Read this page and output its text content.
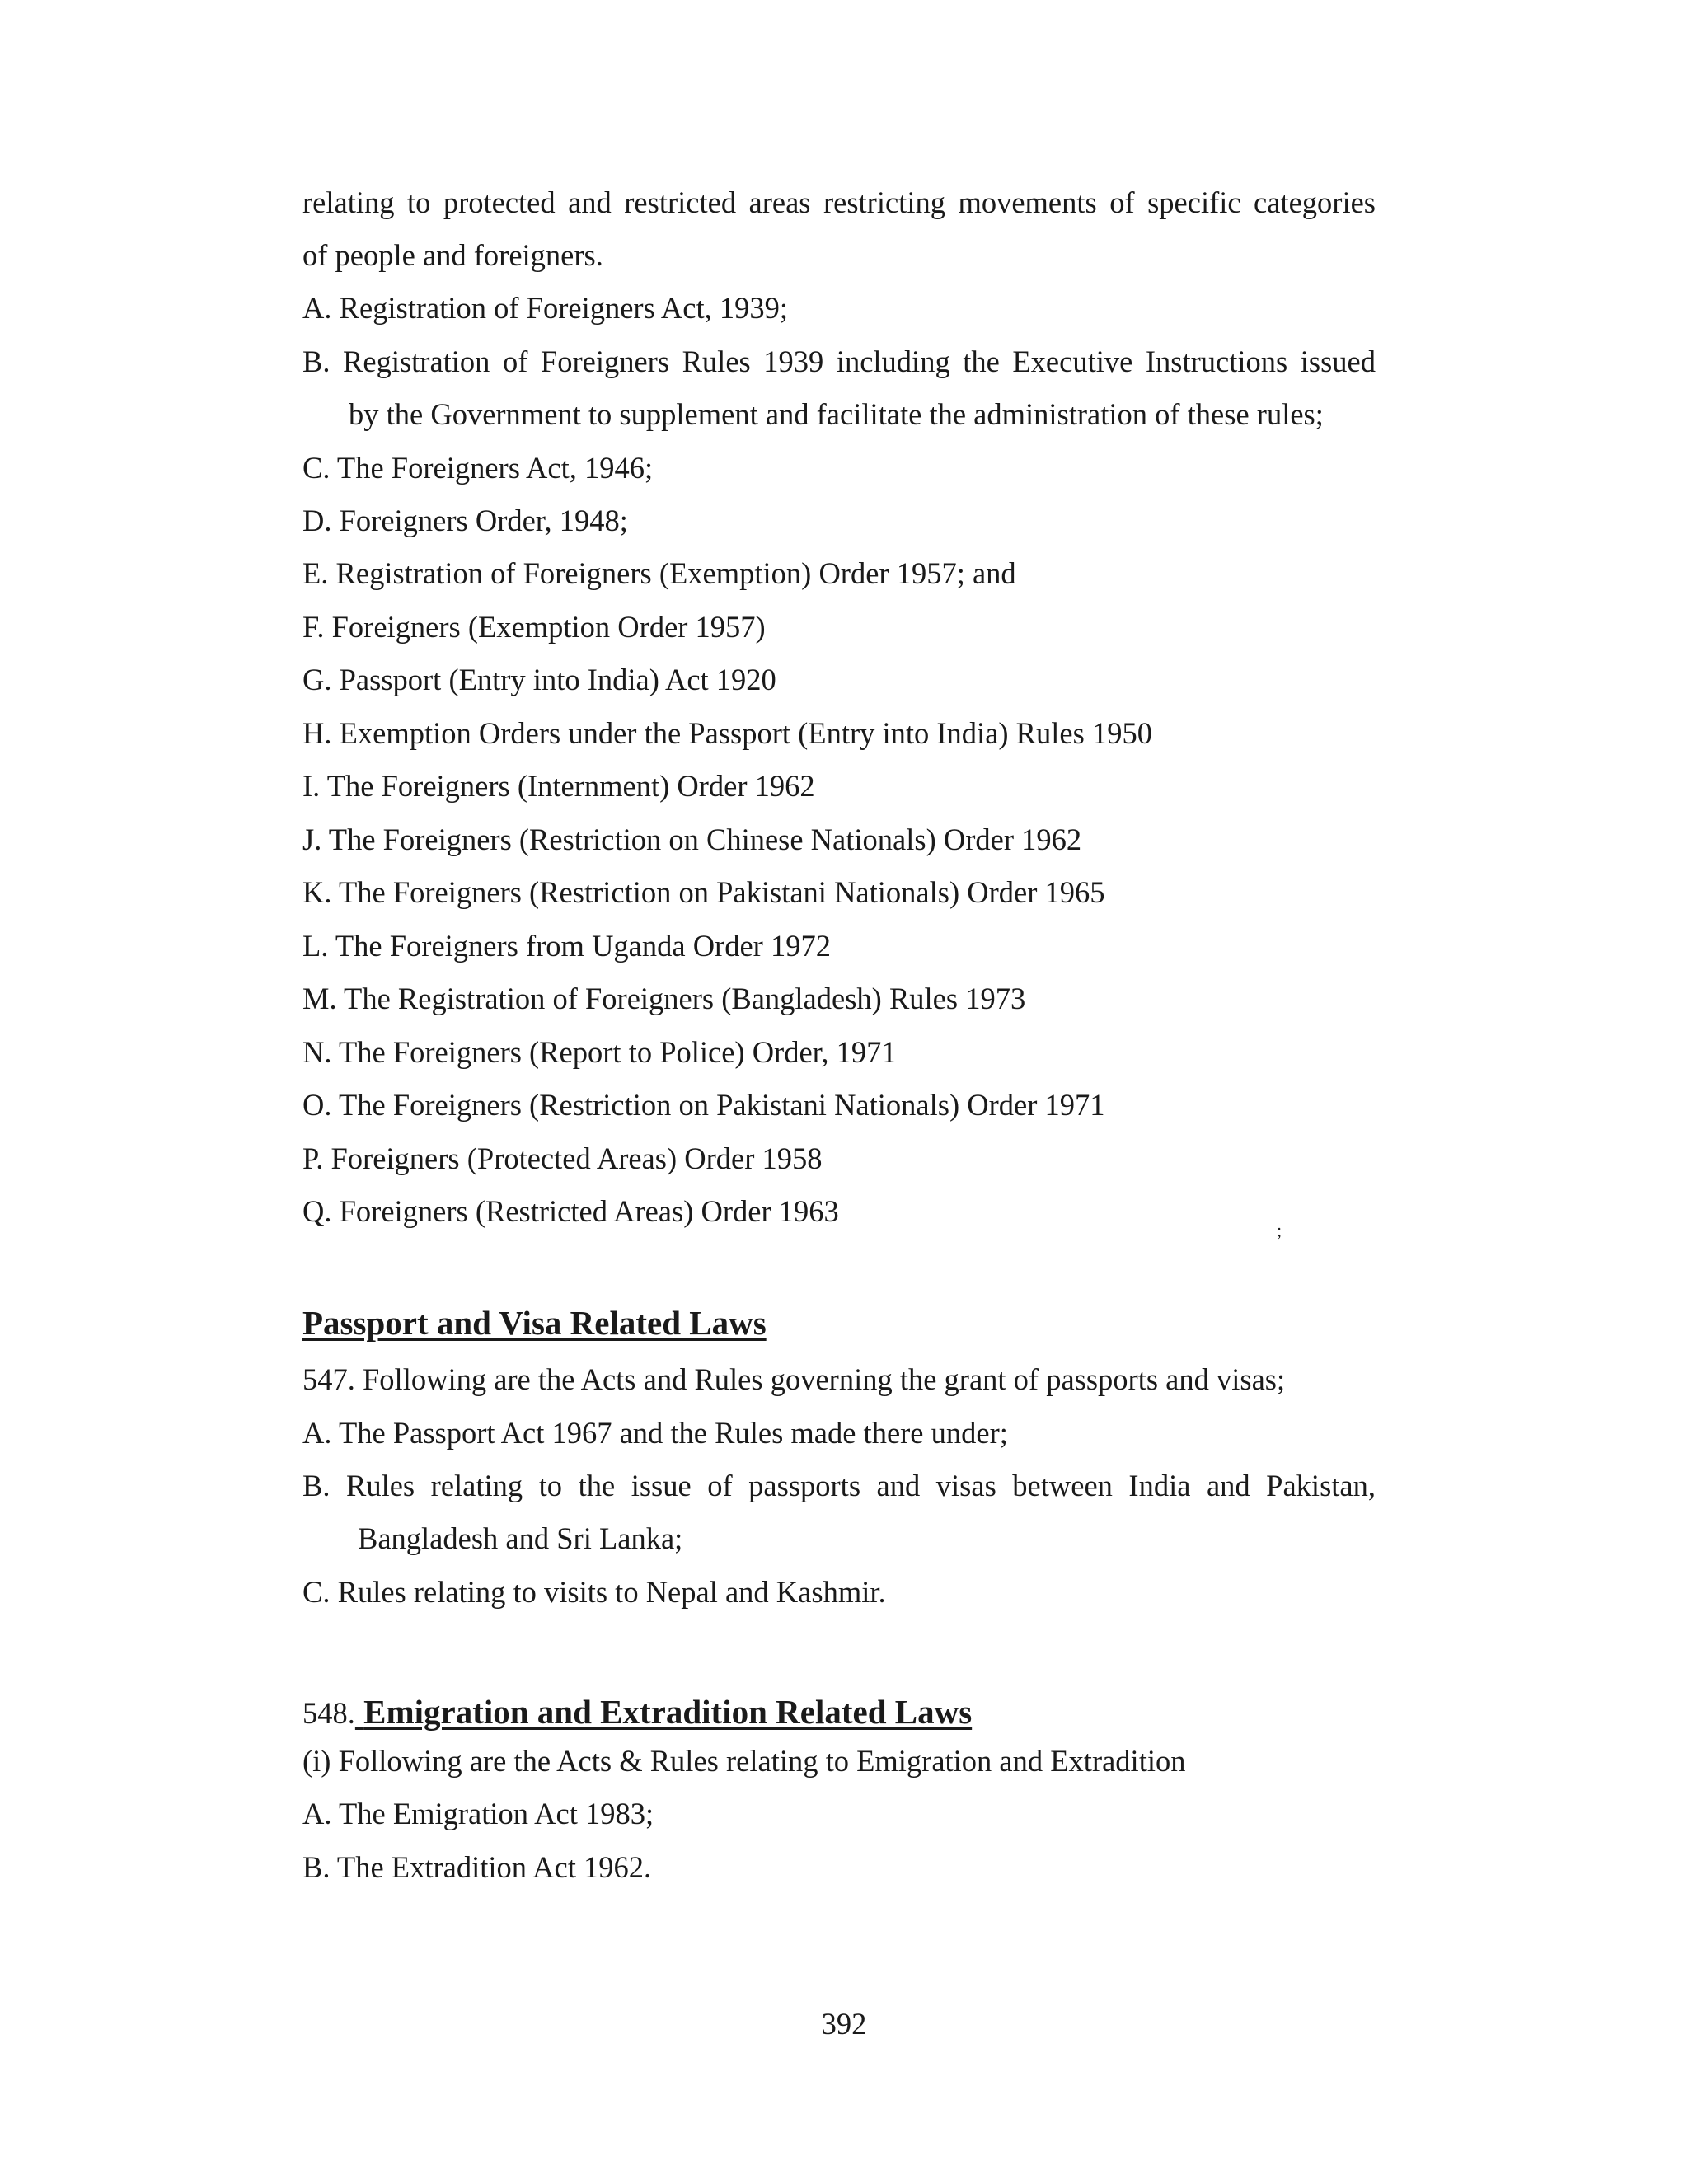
relating to protected and restricted areas restricting movements of specific categories
of people and foreigners.
A. Registration of Foreigners Act, 1939;
B. Registration of Foreigners Rules 1939 including the Executive Instructions issued
by the Government to supplement and facilitate the administration of these rules;
C. The Foreigners Act, 1946;
D. Foreigners Order, 1948;
E. Registration of Foreigners (Exemption) Order 1957; and
F. Foreigners (Exemption Order 1957)
G. Passport (Entry into India) Act 1920
H. Exemption Orders under the Passport (Entry into India) Rules 1950
I. The Foreigners (Internment) Order 1962
J. The Foreigners (Restriction on Chinese Nationals) Order 1962
K. The Foreigners (Restriction on Pakistani Nationals) Order 1965
L. The Foreigners from Uganda Order 1972
M. The Registration of Foreigners (Bangladesh) Rules 1973
N. The Foreigners (Report to Police) Order, 1971
O. The Foreigners (Restriction on Pakistani Nationals) Order 1971
P. Foreigners (Protected Areas) Order 1958
Q. Foreigners (Restricted Areas) Order 1963
;
Passport and Visa Related Laws
547. Following are the Acts and Rules governing the grant of passports and visas;
A. The Passport Act 1967 and the Rules made there under;
B. Rules relating to the issue of passports and visas between India and Pakistan,
Bangladesh and Sri Lanka;
C. Rules relating to visits to Nepal and Kashmir.
548. Emigration and Extradition Related Laws
(i) Following are the Acts & Rules relating to Emigration and Extradition
A. The Emigration Act 1983;
B. The Extradition Act 1962.
392
